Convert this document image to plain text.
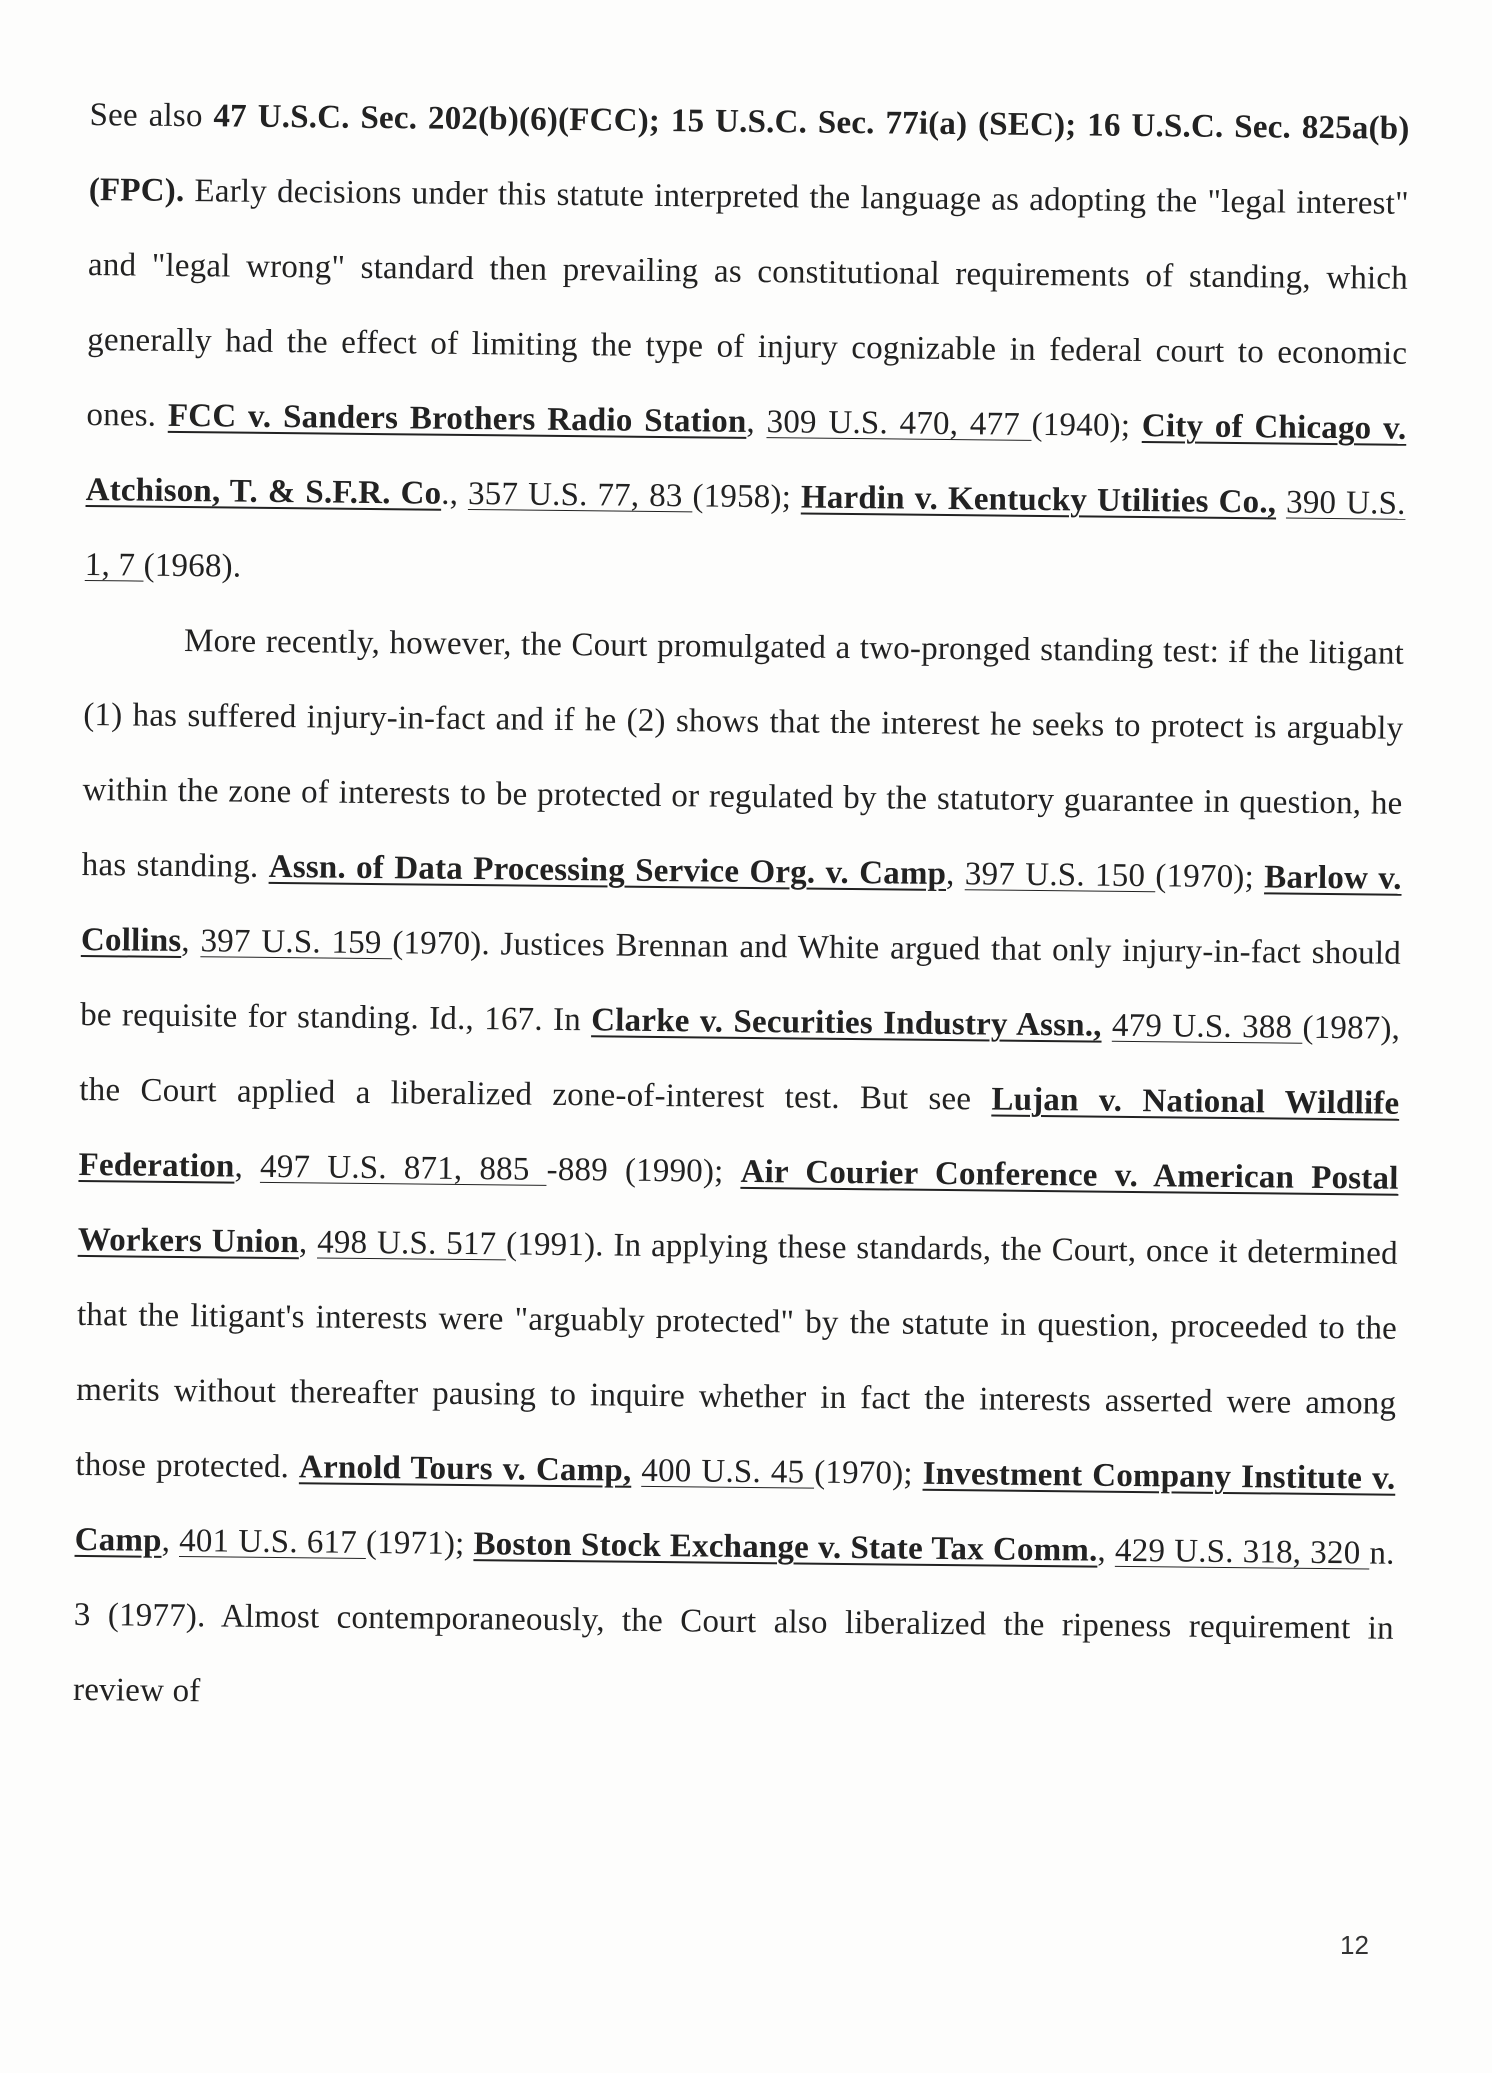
See also 47 U.S.C. Sec. 202(b)(6)(FCC); 15 U.S.C. Sec. 77i(a) (SEC); 16 U.S.C. Sec. 825a(b)(FPC). Early decisions under this statute interpreted the language as adopting the "legal interest" and "legal wrong" standard then prevailing as constitutional requirements of standing, which generally had the effect of limiting the type of injury cognizable in federal court to economic ones. FCC v. Sanders Brothers Radio Station, 309 U.S. 470, 477 (1940); City of Chicago v. Atchison, T. & S.F.R. Co., 357 U.S. 77, 83 (1958); Hardin v. Kentucky Utilities Co., 390 U.S. 1, 7 (1968).

More recently, however, the Court promulgated a two-pronged standing test: if the litigant (1) has suffered injury-in-fact and if he (2) shows that the interest he seeks to protect is arguably within the zone of interests to be protected or regulated by the statutory guarantee in question, he has standing. Assn. of Data Processing Service Org. v. Camp, 397 U.S. 150 (1970); Barlow v. Collins, 397 U.S. 159 (1970). Justices Brennan and White argued that only injury-in-fact should be requisite for standing. Id., 167. In Clarke v. Securities Industry Assn., 479 U.S. 388 (1987), the Court applied a liberalized zone-of-interest test. But see Lujan v. National Wildlife Federation, 497 U.S. 871, 885 -889 (1990); Air Courier Conference v. American Postal Workers Union, 498 U.S. 517 (1991). In applying these standards, the Court, once it determined that the litigant's interests were "arguably protected" by the statute in question, proceeded to the merits without thereafter pausing to inquire whether in fact the interests asserted were among those protected. Arnold Tours v. Camp, 400 U.S. 45 (1970); Investment Company Institute v. Camp, 401 U.S. 617 (1971); Boston Stock Exchange v. State Tax Comm., 429 U.S. 318, 320 n. 3 (1977). Almost contemporaneously, the Court also liberalized the ripeness requirement in review of

12
